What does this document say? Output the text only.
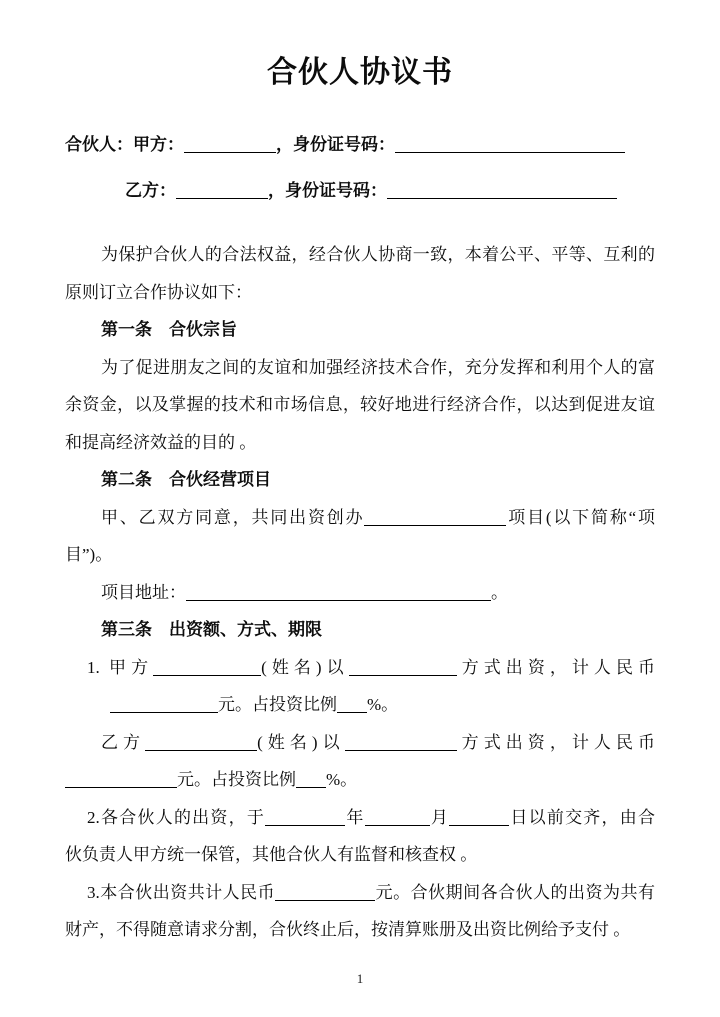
合伙人协议书
合伙人：甲方：	，身份证号码：
乙方：	，身份证号码：
为保护合伙人的合法权益，经合伙人协商一致，本着公平、平等、互利的
原则订立合作协议如下：
第一条　合伙宗旨
为了促进朋友之间的友谊和加强经济技术合作，充分发挥和利用个人的富
余资金，以及掌握的技术和市场信息，较好地进行经济合作，以达到促进友谊
和提高经济效益的目的 。
第二条　合伙经营项目
甲、乙双方同意，共同出资创办	项目(以下简称“项
目”)。
项目地址：	。
第三条　出资额、方式、期限
1. 甲方	(姓名)以	方式出资，计人民币
元。占投资比例 %。
乙方	(姓名)以	方式出资，计人民币
元。占投资比例 %。
2.各合伙人的出资，于	年	月	日以前交齐，由合
伙负责人甲方统一保管，其他合伙人有监督和核查权 。
3.本合伙出资共计人民币	元。合伙期间各合伙人的出资为共有
财产，不得随意请求分割，合伙终止后，按清算账册及出资比例给予支付 。
1
